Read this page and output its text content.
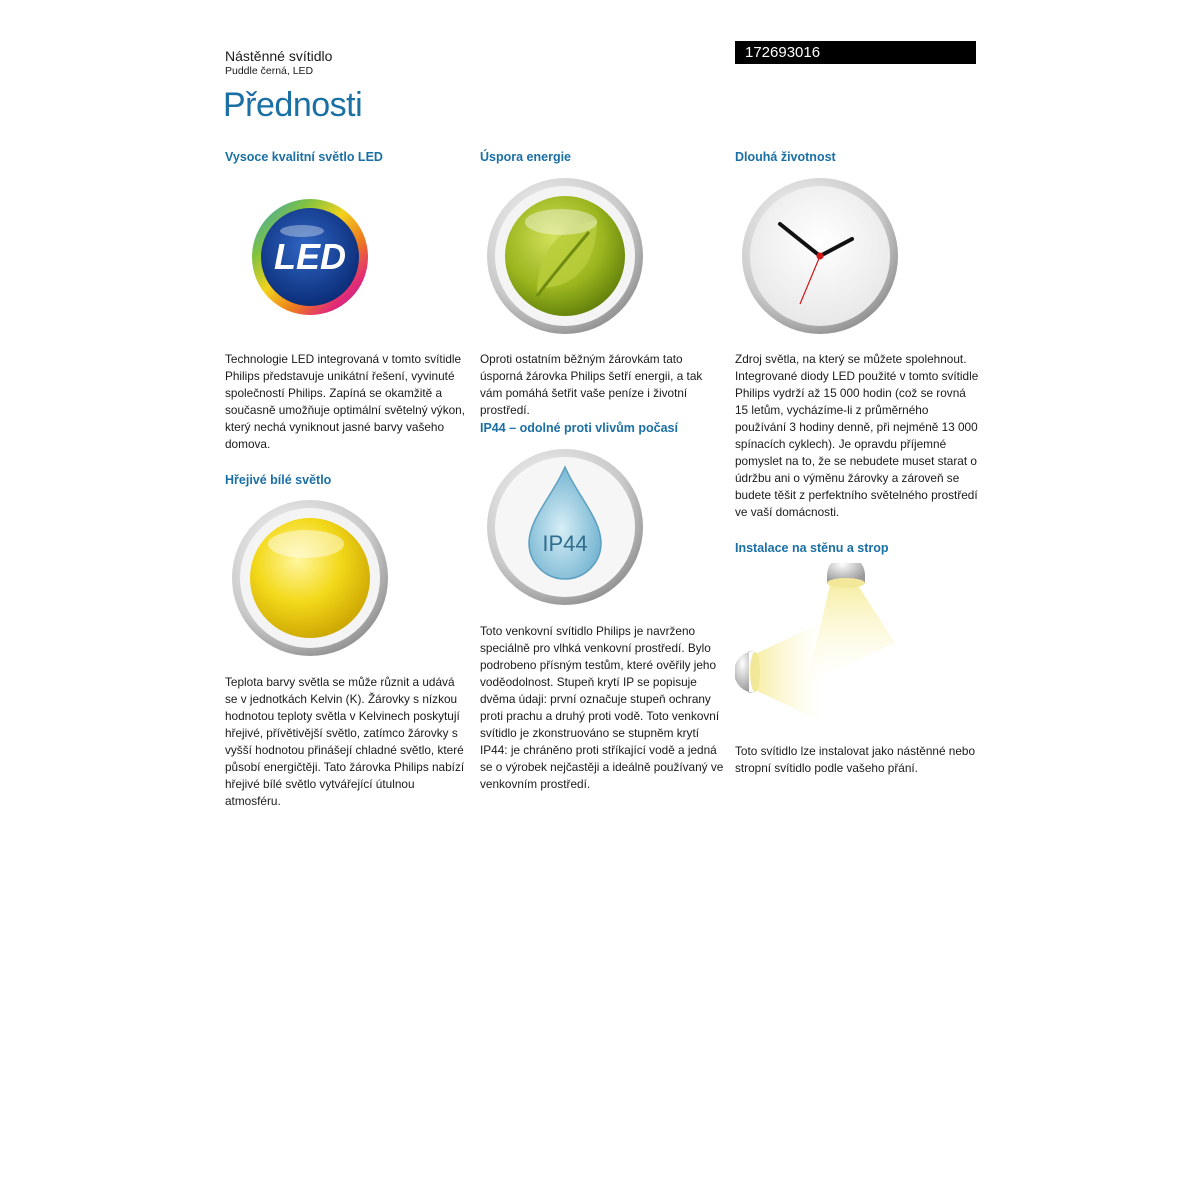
Nástěnné svítidlo
Puddle černá, LED
172693016
Přednosti
Vysoce kvalitní světlo LED
LED

Technologie LED integrovaná v tomto svítidle Philips představuje unikátní řešení, vyvinuté společností Philips. Zapíná se okamžitě a současně umožňuje optimální světelný výkon, který nechá vyniknout jasné barvy vašeho domova.

Hřejivé bílé světlo

Teplota barvy světla se může různit a udává se v jednotkách Kelvin (K). Žárovky s nízkou hodnotou teploty světla v Kelvinech poskytují hřejivé, přívětivější světlo, zatímco žárovky s vyšší hodnotou přinášejí chladné světlo, které působí energičtěji. Tato žárovka Philips nabízí hřejivé bílé světlo vytvářející útulnou atmosféru.

Úspora energie

Oproti ostatním běžným žárovkám tato úsporná žárovka Philips šetří energii, a tak vám pomáhá šetřit vaše peníze i životní prostředí.

IP44 – odolné proti vlivům počasí
IP44

Toto venkovní svítidlo Philips je navrženo speciálně pro vlhká venkovní prostředí. Bylo podrobeno přísným testům, které ověřily jeho voděodolnost. Stupeň krytí IP se popisuje dvěma údaji: první označuje stupeň ochrany proti prachu a druhý proti vodě. Toto venkovní svítidlo je zkonstruováno se stupněm krytí IP44: je chráněno proti stříkající vodě a jedná se o výrobek nejčastěji a ideálně používaný ve venkovním prostředí.

Dlouhá životnost

Zdroj světla, na který se můžete spolehnout. Integrované diody LED použité v tomto svítidle Philips vydrží až 15 000 hodin (což se rovná 15 letům, vycházíme-li z průměrného používání 3 hodiny denně, při nejméně 13 000 spínacích cyklech). Je opravdu příjemné pomyslet na to, že se nebudete muset starat o údržbu ani o výměnu žárovky a zároveň se budete těšit z perfektního světelného prostředí ve vaší domácnosti.

Instalace na stěnu a strop

Toto svítidlo lze instalovat jako nástěnné nebo stropní svítidlo podle vašeho přání.
